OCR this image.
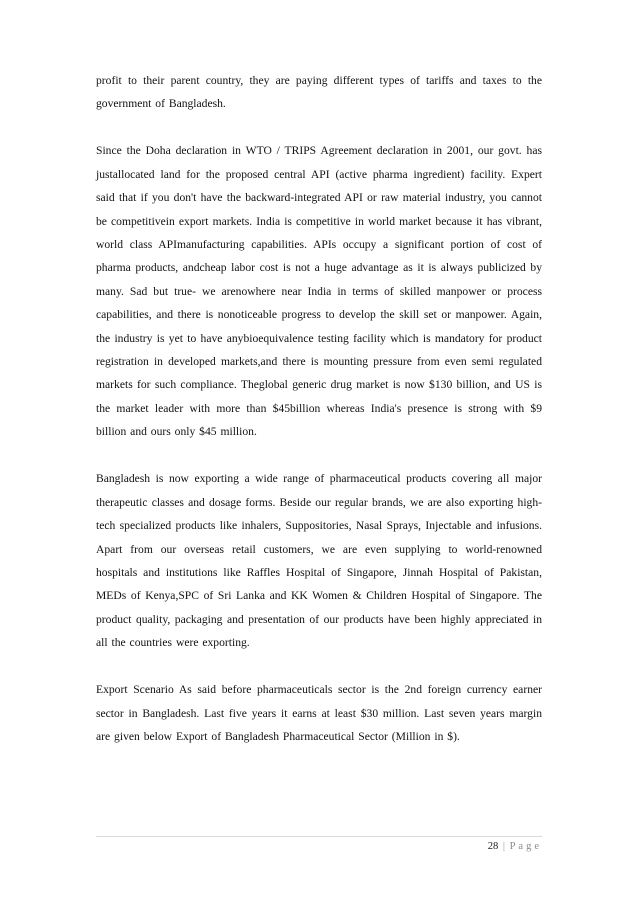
profit to their parent country, they are paying different types of tariffs and taxes to the government of Bangladesh.

Since the Doha declaration in WTO / TRIPS Agreement declaration in 2001, our govt. has justallocated land for the proposed central API (active pharma ingredient) facility. Expert said that if you don't have the backward-integrated API or raw material industry, you cannot be competitivein export markets. India is competitive in world market because it has vibrant, world class APImanufacturing capabilities. APIs occupy a significant portion of cost of pharma products, andcheap labor cost is not a huge advantage as it is always publicized by many. Sad but true- we arenowhere near India in terms of skilled manpower or process capabilities, and there is nonoticeable progress to develop the skill set or manpower. Again, the industry is yet to have anybioequivalence testing facility which is mandatory for product registration in developed markets,and there is mounting pressure from even semi regulated markets for such compliance. Theglobal generic drug market is now $130 billion, and US is the market leader with more than $45billion whereas India's presence is strong with $9 billion and ours only $45 million.

Bangladesh is now exporting a wide range of pharmaceutical products covering all major therapeutic classes and dosage forms. Beside our regular brands, we are also exporting high-tech specialized products like inhalers, Suppositories, Nasal Sprays, Injectable and infusions. Apart from our overseas retail customers, we are even supplying to world-renowned hospitals and institutions like Raffles Hospital of Singapore, Jinnah Hospital of Pakistan, MEDs of Kenya,SPC of Sri Lanka and KK Women & Children Hospital of Singapore. The product quality, packaging and presentation of our products have been highly appreciated in all the countries were exporting.

Export Scenario As said before pharmaceuticals sector is the 2nd foreign currency earner sector in Bangladesh. Last five years it earns at least $30 million. Last seven years margin are given below Export of Bangladesh Pharmaceutical Sector (Million in $).

28 | Page
